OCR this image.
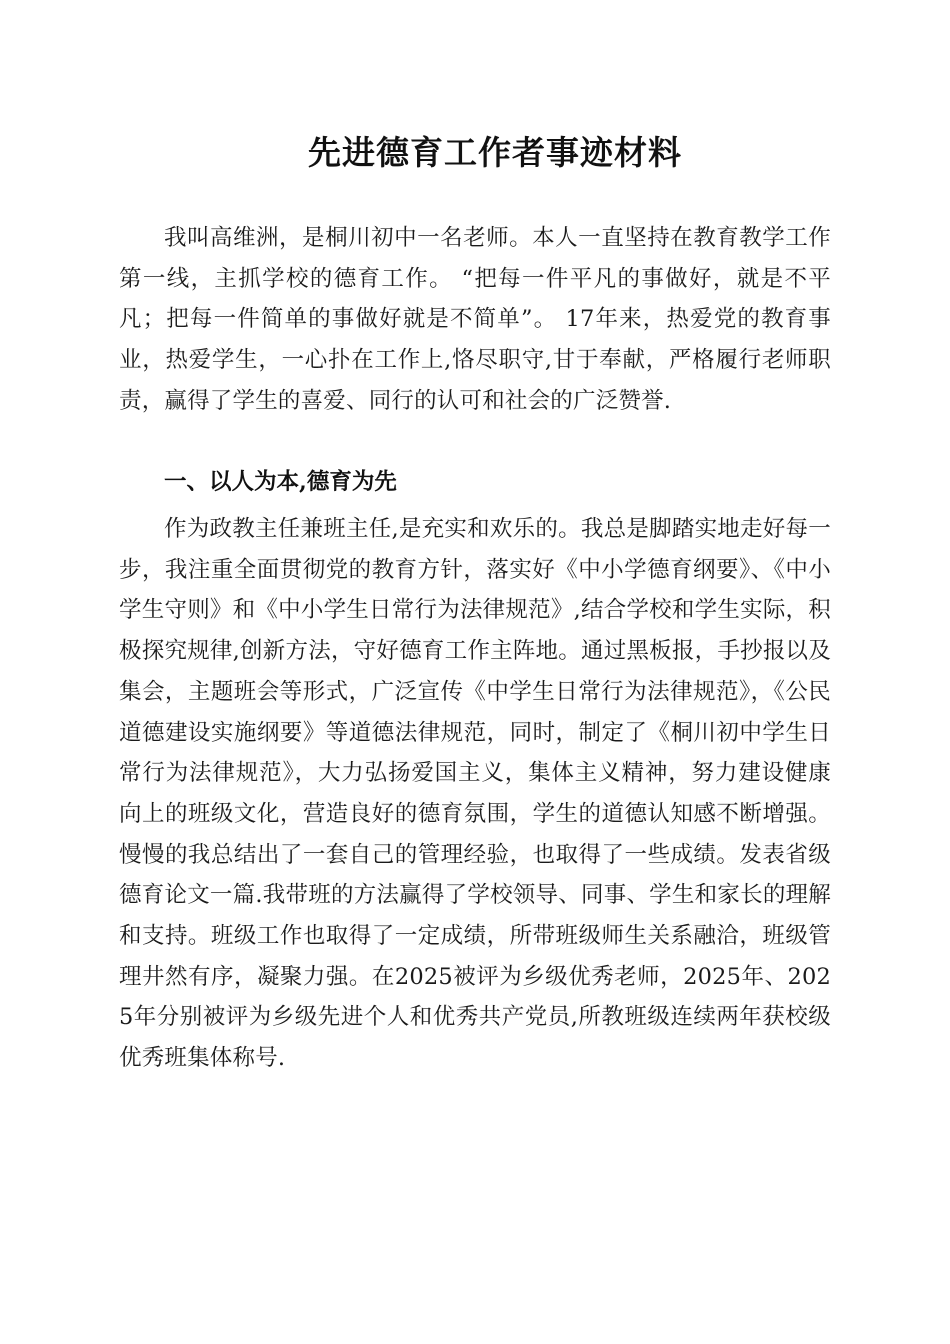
先进德育工作者事迹材料

我叫高维洲，是桐川初中一名老师。本人一直坚持在教育教学工作第一线，主抓学校的德育工作。 “把每一件平凡的事做好，就是不平凡；把每一件简单的事做好就是不简单”。 17年来，热爱党的教育事业，热爱学生，一心扑在工作上,恪尽职守,甘于奉献，严格履行老师职责，赢得了学生的喜爱、同行的认可和社会的广泛赞誉.

一、以人为本,德育为先

作为政教主任兼班主任,是充实和欢乐的。我总是脚踏实地走好每一步，我注重全面贯彻党的教育方针，落实好《中小学德育纲要》、《中小学生守则》和《中小学生日常行为法律规范》,结合学校和学生实际，积极探究规律,创新方法，守好德育工作主阵地。通过黑板报，手抄报以及集会，主题班会等形式，广泛宣传《中学生日常行为法律规范》，《公民道德建设实施纲要》等道德法律规范，同时，制定了《桐川初中学生日常行为法律规范》，大力弘扬爱国主义，集体主义精神，努力建设健康向上的班级文化，营造良好的德育氛围，学生的道德认知感不断增强。慢慢的我总结出了一套自己的管理经验，也取得了一些成绩。发表省级德育论文一篇.我带班的方法赢得了学校领导、同事、学生和家长的理解和支持。班级工作也取得了一定成绩，所带班级师生关系融洽，班级管理井然有序，凝聚力强。在2025被评为乡级优秀老师，2025年、2025年分别被评为乡级先进个人和优秀共产党员,所教班级连续两年获校级优秀班集体称号.
